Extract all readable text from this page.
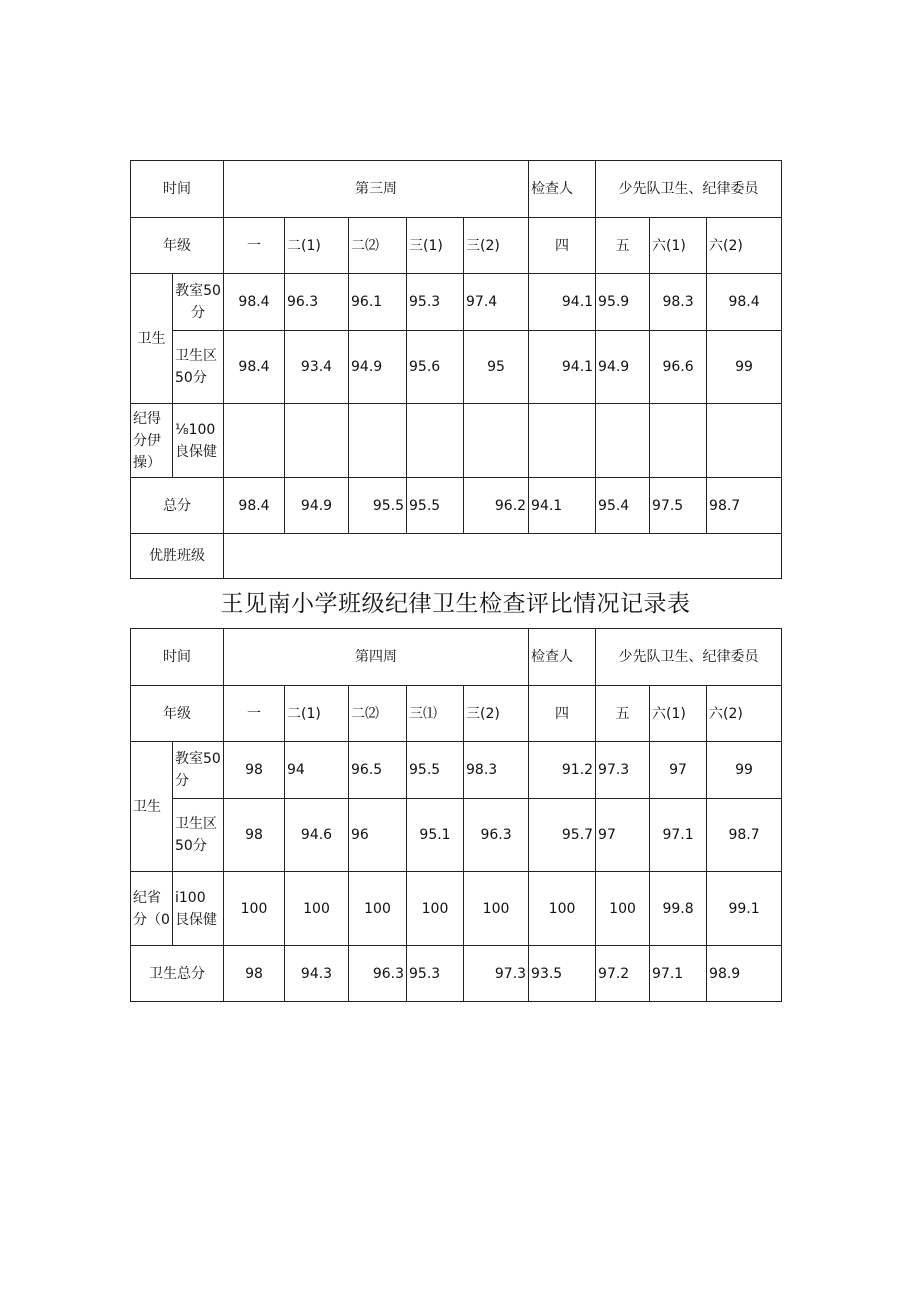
时间		第三周					检查人	少先队卫生、纪律委员		
年级		一	二(1)	二⑵	三(1)	三(2)	四	五	六(1)	六(2)
卫生	教室50分	98.4	96.3	96.1	95.3	97.4	94.1	95.9	98.3	98.4
	卫生区50分	98.4	93.4	94.9	95.6	95	94.1	94.9	96.6	99
纪得分伊操）	⅛100良保健									
总分		98.4	94.9	95.5	95.5	96.2	94.1	95.4	97.5	98.7
优胜班级										
王见南小学班级纪律卫生检查评比情况记录表
时间		第四周					检查人	少先队卫生、纪律委员		
年级		一	二(1)	二⑵	三⑴	三(2)	四	五	六(1)	六(2)
卫生	教室50分	98	94	96.5	95.5	98.3	91.2	97.3	97	99
	卫生区50分	98	94.6	96	95.1	96.3	95.7	97	97.1	98.7
纪省分（0	i100 艮保健	100	100	100	100	100	100	100	99.8	99.1
卫生总分		98	94.3	96.3	95.3	97.3	93.5	97.2	97.1	98.9
